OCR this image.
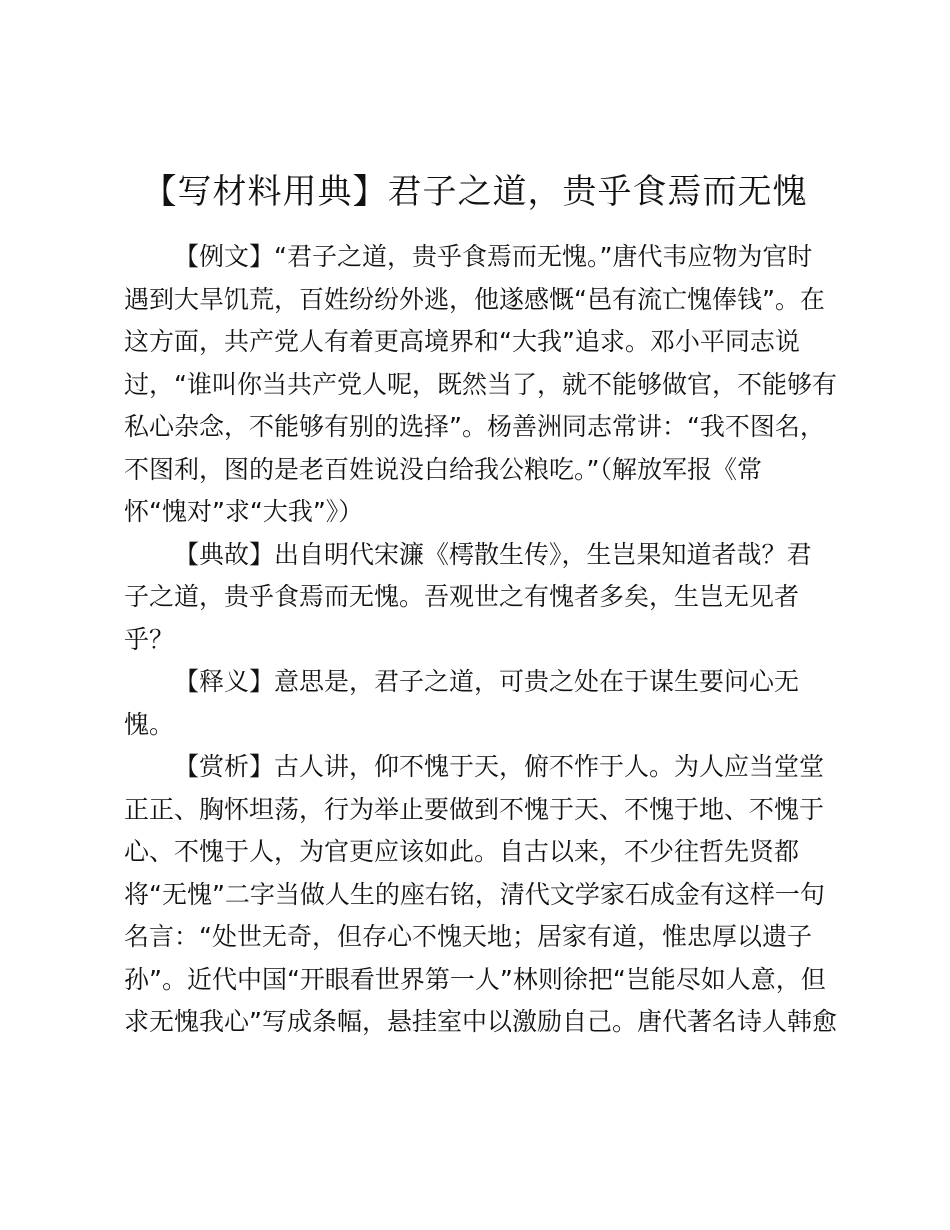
【写材料用典】君子之道，贵乎食焉而无愧
【例文】“君子之道，贵乎食焉而无愧。”唐代韦应物为官时
遇到大旱饥荒，百姓纷纷外逃，他遂感慨“邑有流亡愧俸钱”。在
这方面，共产党人有着更高境界和“大我”追求。邓小平同志说
过，“谁叫你当共产党人呢，既然当了，就不能够做官，不能够有
私心杂念，不能够有别的选择”。杨善洲同志常讲：“我不图名，
不图利，图的是老百姓说没白给我公粮吃。”（解放军报《常
怀“愧对”求“大我”》）
【典故】出自明代宋濂《樗散生传》，生岂果知道者哉？君
子之道，贵乎食焉而无愧。吾观世之有愧者多矣，生岂无见者
乎？
【释义】意思是，君子之道，可贵之处在于谋生要问心无
愧。
【赏析】古人讲，仰不愧于天，俯不怍于人。为人应当堂堂
正正、胸怀坦荡，行为举止要做到不愧于天、不愧于地、不愧于
心、不愧于人，为官更应该如此。自古以来，不少往哲先贤都
将“无愧”二字当做人生的座右铭，清代文学家石成金有这样一句
名言：“处世无奇，但存心不愧天地；居家有道，惟忠厚以遗子
孙”。近代中国“开眼看世界第一人”林则徐把“岂能尽如人意，但
求无愧我心”写成条幅，悬挂室中以激励自己。唐代著名诗人韩愈
